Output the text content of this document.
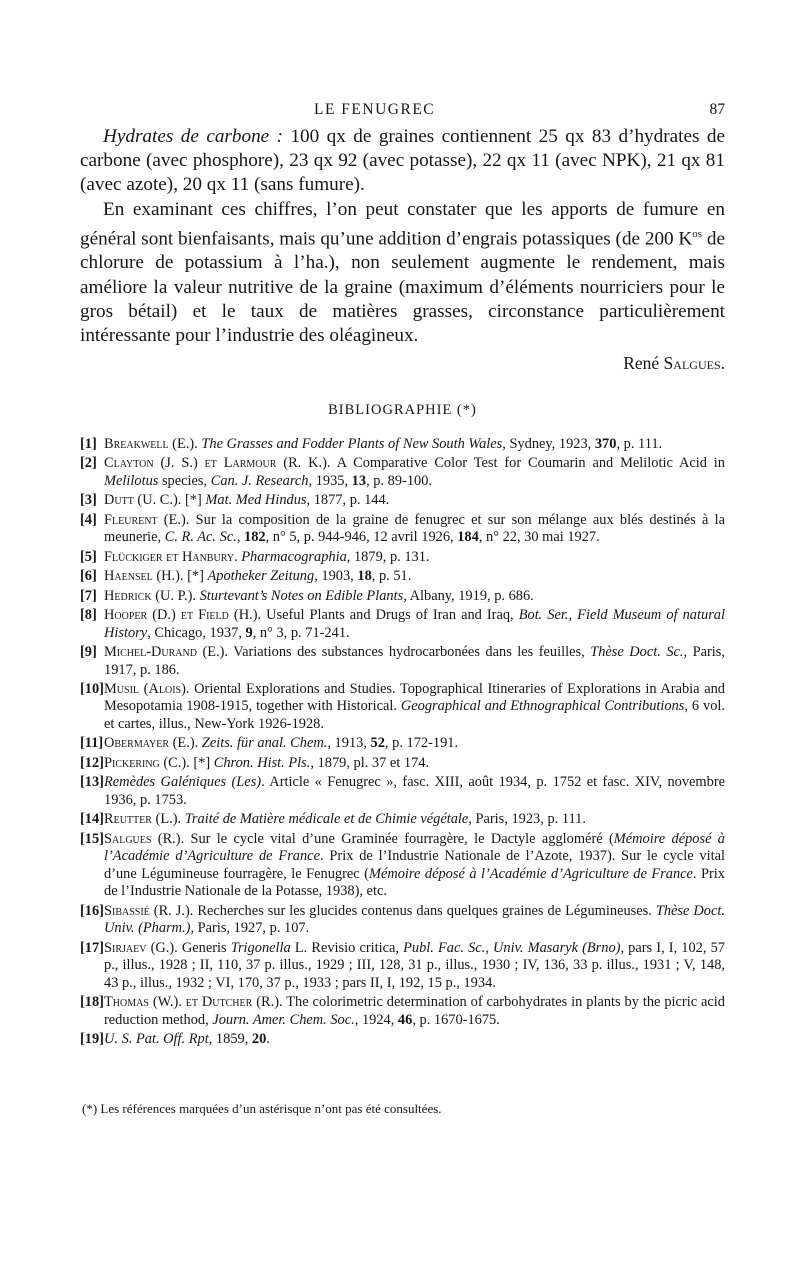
LE FENUGREC	87

Hydrates de carbone : 100 qx de graines contiennent 25 qx 83 d’hydrates de carbone (avec phosphore), 23 qx 92 (avec potasse), 22 qx 11 (avec NPK), 21 qx 81 (avec azote), 20 qx 11 (sans fumure).

En examinant ces chiffres, l’on peut constater que les apports de fumure en général sont bienfaisants, mais qu’une addition d’engrais potassiques (de 200 $K^{os}$ de chlorure de potassium à l’ha.), non seulement augmente le rendement, mais améliore la valeur nutritive de la graine (maximum d’éléments nourriciers pour le gros bétail) et le taux de matières grasses, circonstance particulièrement intéressante pour l’industrie des oléagineux.

René Salgues.
BIBLIOGRAPHIE (*)

[1] Breakwell (E.). The Grasses and Fodder Plants of New South Wales, Sydney, 1923, 370, p. 111.

[2] Clayton (J. S.) et Larmour (R. K.). A Comparative Color Test for Coumarin and Melilotic Acid in Melilotus species, Can. J. Research, 1935, 13, p. 89-100.

[3] Dutt (U. C.). [*] Mat. Med Hindus, 1877, p. 144.

[4] Fleurent (E.). Sur la composition de la graine de fenugrec et sur son mélange aux blés destinés à la meunerie, C. R. Ac. Sc., 182, n° 5, p. 944-946, 12 avril 1926, 184, n° 22, 30 mai 1927.

[5] Flückiger et Hanbury. Pharmacographia, 1879, p. 131.

[6] Haensel (H.). [*] Apotheker Zeitung, 1903, 18, p. 51.

[7] Hedrick (U. P.). Sturtevant’s Notes on Edible Plants, Albany, 1919, p. 686.

[8] Hooper (D.) et Field (H.). Useful Plants and Drugs of Iran and Iraq, Bot. Ser., Field Museum of natural History, Chicago, 1937, 9, n° 3, p. 71-241.

[9] Michel-Durand (E.). Variations des substances hydrocarbonées dans les feuilles, Thèse Doct. Sc., Paris, 1917, p. 186.

[10] Musil (Alois). Oriental Explorations and Studies. Topographical Itineraries of Explorations in Arabia and Mesopotamia 1908-1915, together with Historical. Geographical and Ethnographical Contributions, 6 vol. et cartes, illus., New-York 1926-1928.

[11] Obermayer (E.). Zeits. für anal. Chem., 1913, 52, p. 172-191.

[12] Pickering (C.). [*] Chron. Hist. Pls., 1879, pl. 37 et 174.

[13] Remèdes Galéniques (Les). Article « Fenugrec », fasc. XIII, août 1934, p. 1752 et fasc. XIV, novembre 1936, p. 1753.

[14] Reutter (L.). Traité de Matière médicale et de Chimie végétale, Paris, 1923, p. 111.

[15] Salgues (R.). Sur le cycle vital d’une Graminée fourragère, le Dactyle aggloméré (Mémoire déposé à l’Académie d’Agriculture de France. Prix de l’Industrie Nationale de l’Azote, 1937). Sur le cycle vital d’une Légumineuse fourragère, le Fenugrec (Mémoire déposé à l’Académie d’Agriculture de France. Prix de l’Industrie Nationale de la Potasse, 1938), etc.

[16] Sibassié (R. J.). Recherches sur les glucides contenus dans quelques graines de Légumineuses. Thèse Doct. Univ. (Pharm.), Paris, 1927, p. 107.

[17] Sirjaev (G.). Generis Trigonella L. Revisio critica, Publ. Fac. Sc., Univ. Masaryk (Brno), pars I, I, 102, 57 p., illus., 1928 ; II, 110, 37 p. illus., 1929 ; III, 128, 31 p., illus., 1930 ; IV, 136, 33 p. illus., 1931 ; V, 148, 43 p., illus., 1932 ; VI, 170, 37 p., 1933 ; pars II, I, 192, 15 p., 1934.

[18] Thomas (W.). et Dutcher (R.). The colorimetric determination of carbohydrates in plants by the picric acid reduction method, Journ. Amer. Chem. Soc., 1924, 46, p. 1670-1675.

[19] U. S. Pat. Off. Rpt, 1859, 20.

(*) Les références marquées d’un astérisque n’ont pas été consultées.
